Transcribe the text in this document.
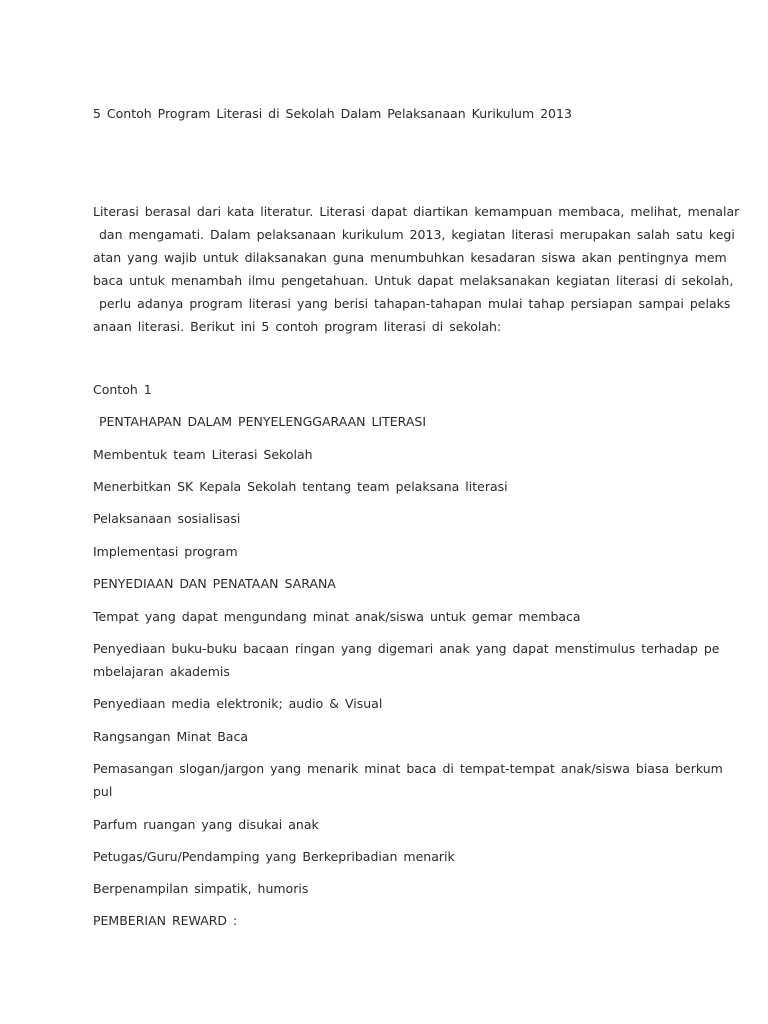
5 Contoh Program Literasi di Sekolah Dalam Pelaksanaan Kurikulum 2013
Literasi berasal dari kata literatur. Literasi dapat diartikan kemampuan membaca, melihat, menalar
dan mengamati. Dalam pelaksanaan kurikulum 2013, kegiatan literasi merupakan salah satu kegi
atan yang wajib untuk dilaksanakan guna menumbuhkan kesadaran siswa akan pentingnya mem
baca untuk menambah ilmu pengetahuan. Untuk dapat melaksanakan kegiatan literasi di sekolah,
perlu adanya program literasi yang berisi tahapan-tahapan mulai tahap persiapan sampai pelaks
anaan literasi. Berikut ini 5 contoh program literasi di sekolah:
Contoh 1
PENTAHAPAN DALAM PENYELENGGARAAN LITERASI
Membentuk team Literasi Sekolah
Menerbitkan SK Kepala Sekolah tentang team pelaksana literasi
Pelaksanaan sosialisasi
Implementasi program
PENYEDIAAN DAN PENATAAN SARANA
Tempat yang dapat mengundang minat anak/siswa untuk gemar membaca
Penyediaan buku-buku bacaan ringan yang digemari anak yang dapat menstimulus terhadap pe
mbelajaran akademis
Penyediaan media elektronik; audio & Visual
Rangsangan Minat Baca
Pemasangan slogan/jargon yang menarik minat baca di tempat-tempat anak/siswa biasa berkum
pul
Parfum ruangan yang disukai anak
Petugas/Guru/Pendamping yang Berkepribadian menarik
Berpenampilan simpatik, humoris
PEMBERIAN REWARD :
